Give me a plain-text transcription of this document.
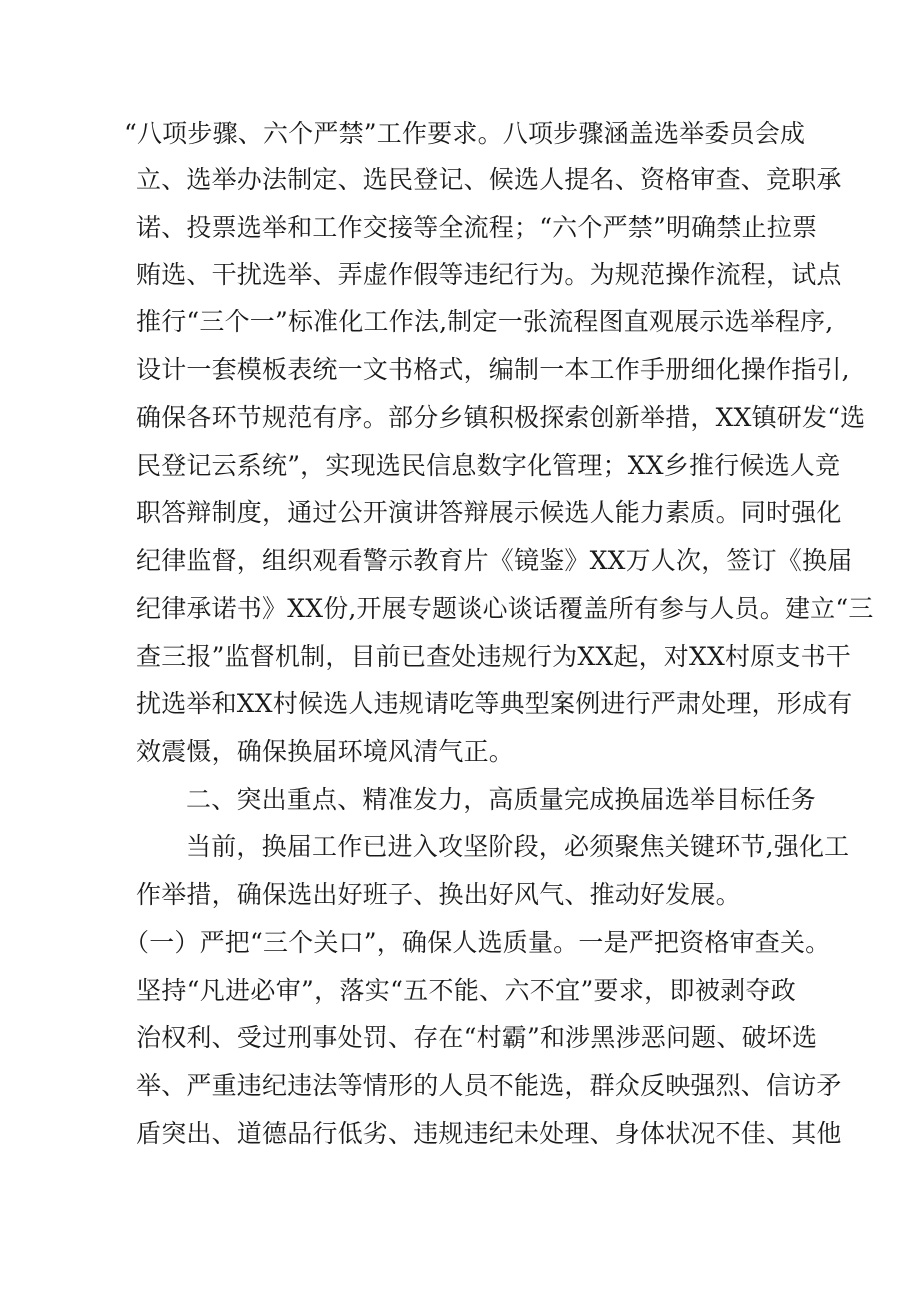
“八项步骤、六个严禁”工作要求。八项步骤涵盖选举委员会成
立、选举办法制定、选民登记、候选人提名、资格审查、竞职承
诺、投票选举和工作交接等全流程；“六个严禁”明确禁止拉票
贿选、干扰选举、弄虚作假等违纪行为。为规范操作流程，试点
推行“三个一”标准化工作法,制定一张流程图直观展示选举程序,
设计一套模板表统一文书格式，编制一本工作手册细化操作指引,
确保各环节规范有序。部分乡镇积极探索创新举措，XX镇研发“选
民登记云系统”，实现选民信息数字化管理；XX乡推行候选人竞
职答辩制度，通过公开演讲答辩展示候选人能力素质。同时强化
纪律监督，组织观看警示教育片《镜鉴》XX万人次，签订《换届
纪律承诺书》XX份,开展专题谈心谈话覆盖所有参与人员。建立“三
查三报”监督机制，目前已查处违规行为XX起，对XX村原支书干
扰选举和XX村候选人违规请吃等典型案例进行严肃处理，形成有
效震慑，确保换届环境风清气正。
二、突出重点、精准发力，高质量完成换届选举目标任务
当前，换届工作已进入攻坚阶段，必须聚焦关键环节,强化工
作举措，确保选出好班子、换出好风气、推动好发展。
（一）严把“三个关口”，确保人选质量。一是严把资格审查关。
坚持“凡进必审”，落实“五不能、六不宜”要求，即被剥夺政
治权利、受过刑事处罚、存在“村霸”和涉黑涉恶问题、破坏选
举、严重违纪违法等情形的人员不能选，群众反映强烈、信访矛
盾突出、道德品行低劣、违规违纪未处理、身体状况不佳、其他
